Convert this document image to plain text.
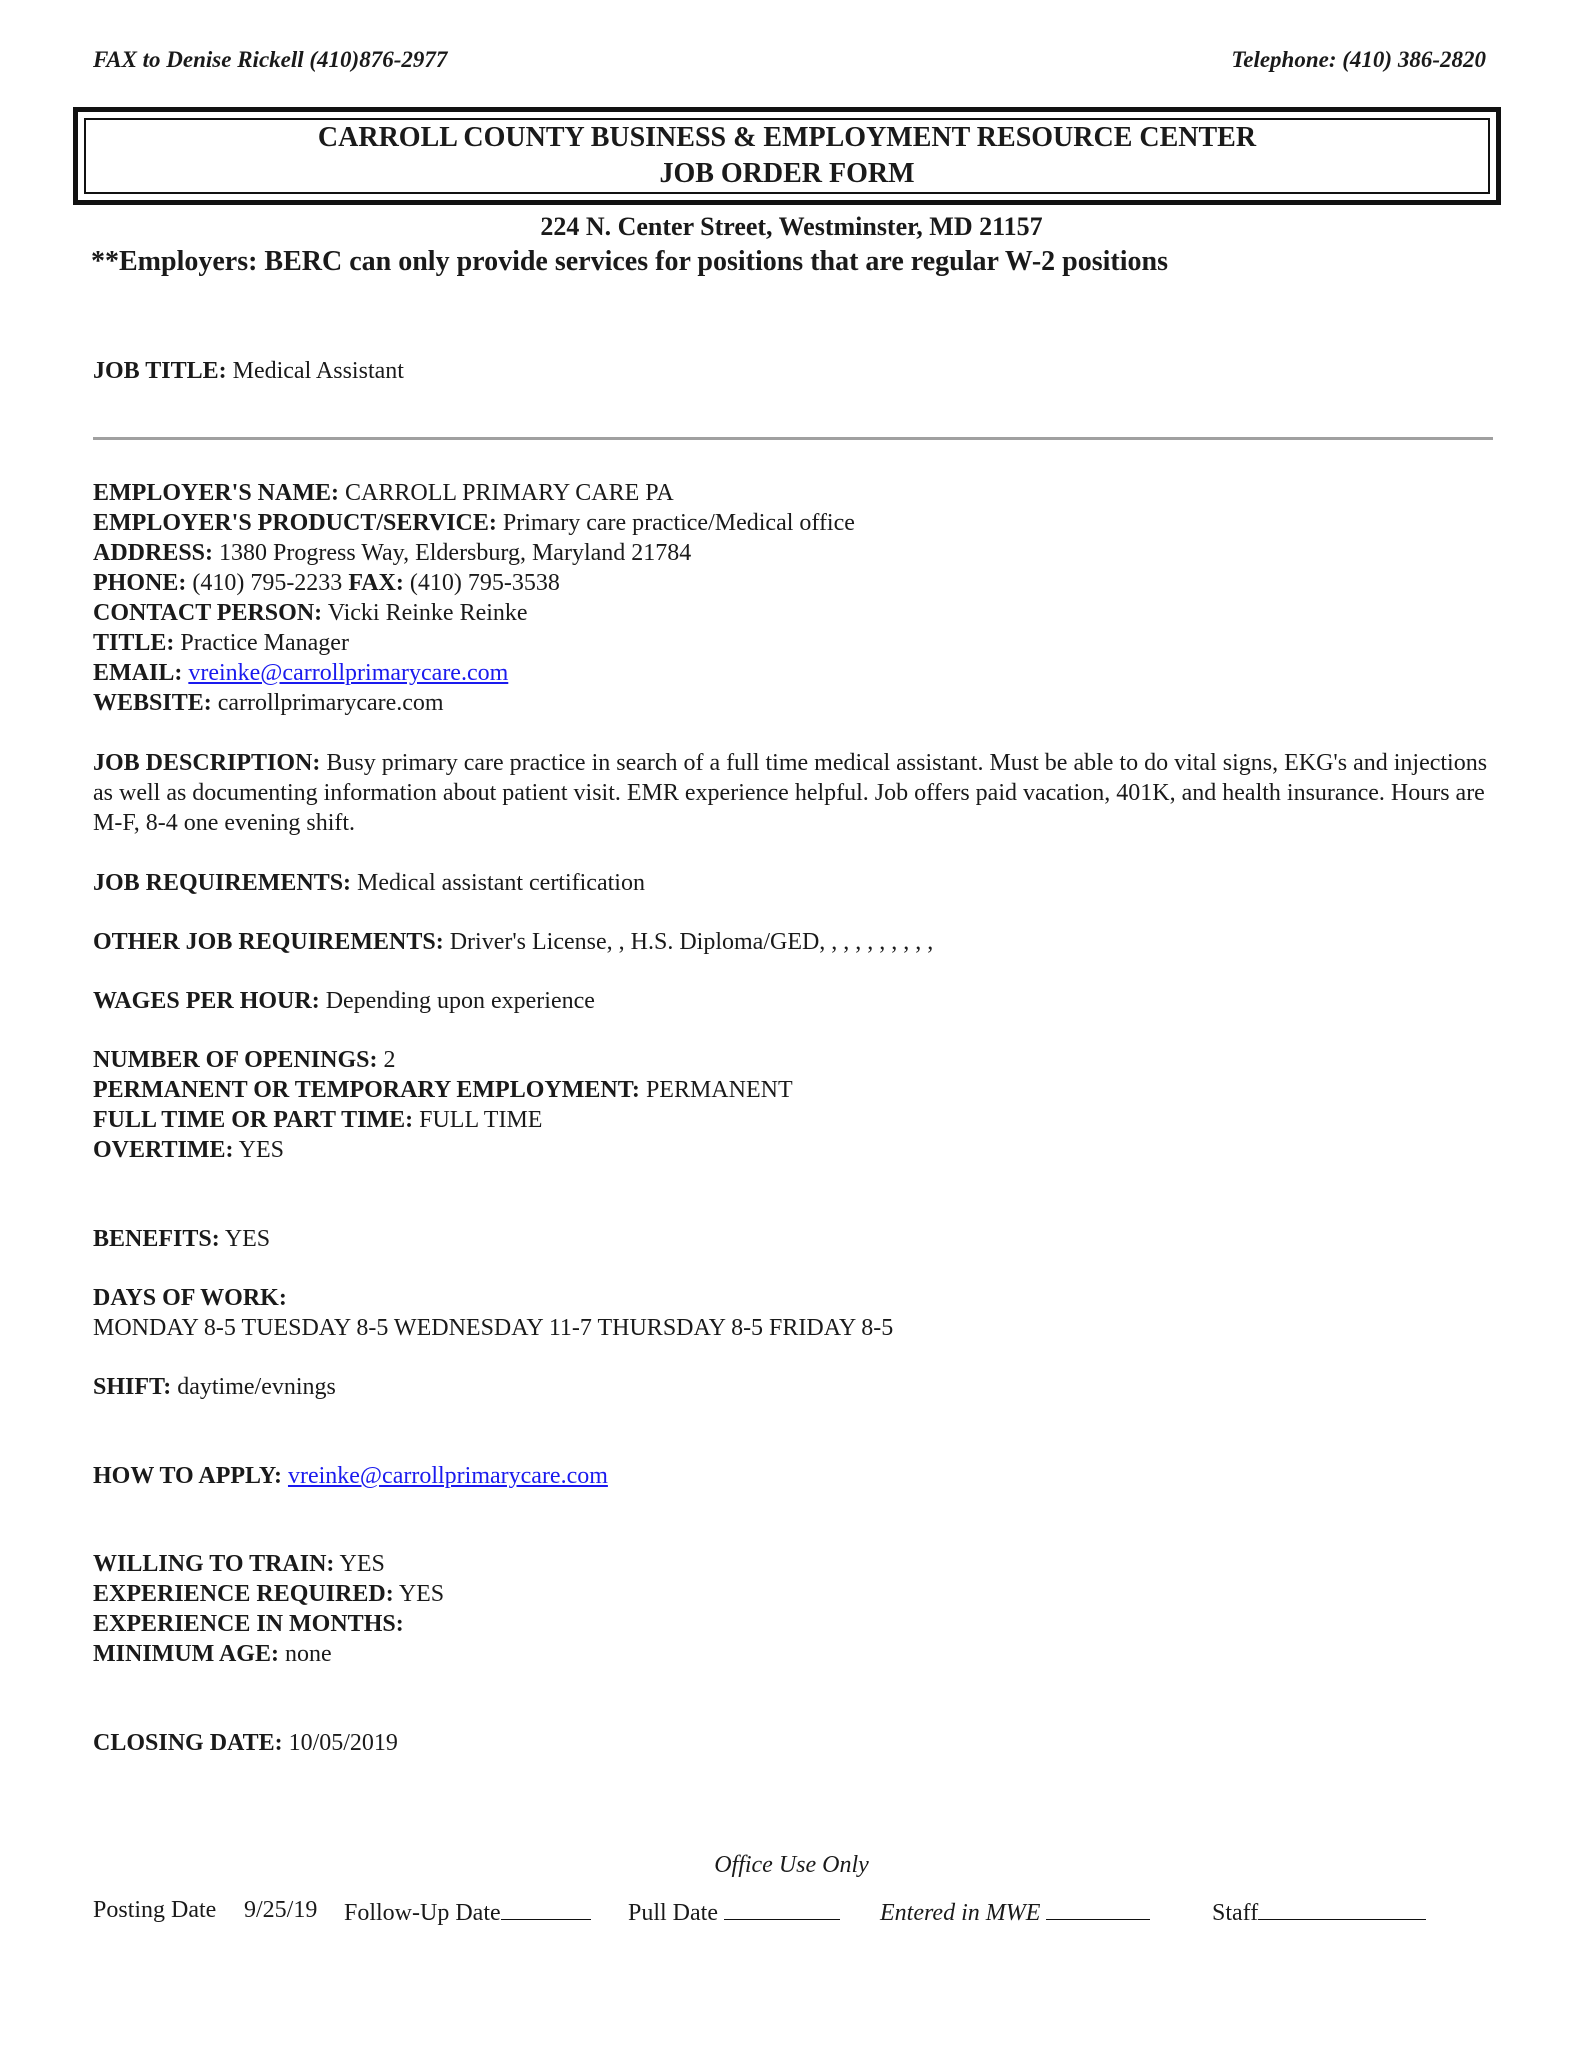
FAX to Denise Rickell (410)876-2977	Telephone: (410) 386-2820
CARROLL COUNTY BUSINESS & EMPLOYMENT RESOURCE CENTER
JOB ORDER FORM
224 N. Center Street, Westminster, MD 21157
**Employers: BERC can only provide services for positions that are regular W-2 positions
JOB TITLE: Medical Assistant
EMPLOYER'S NAME: CARROLL PRIMARY CARE PA
EMPLOYER'S PRODUCT/SERVICE: Primary care practice/Medical office
ADDRESS: 1380 Progress Way, Eldersburg, Maryland 21784
PHONE: (410) 795-2233 FAX: (410) 795-3538
CONTACT PERSON: Vicki Reinke Reinke
TITLE: Practice Manager
EMAIL: vreinke@carrollprimarycare.com
WEBSITE: carrollprimarycare.com
JOB DESCRIPTION: Busy primary care practice in search of a full time medical assistant. Must be able to do vital signs, EKG's and injections as well as documenting information about patient visit. EMR experience helpful. Job offers paid vacation, 401K, and health insurance. Hours are M-F, 8-4 one evening shift.
JOB REQUIREMENTS: Medical assistant certification
OTHER JOB REQUIREMENTS: Driver's License, , H.S. Diploma/GED, , , , , , , , , ,
WAGES PER HOUR: Depending upon experience
NUMBER OF OPENINGS: 2
PERMANENT OR TEMPORARY EMPLOYMENT: PERMANENT
FULL TIME OR PART TIME: FULL TIME
OVERTIME: YES
BENEFITS: YES
DAYS OF WORK:
MONDAY 8-5 TUESDAY 8-5 WEDNESDAY 11-7 THURSDAY 8-5 FRIDAY 8-5
SHIFT: daytime/evnings
HOW TO APPLY: vreinke@carrollprimarycare.com
WILLING TO TRAIN: YES
EXPERIENCE REQUIRED: YES
EXPERIENCE IN MONTHS:
MINIMUM AGE: none
CLOSING DATE: 10/05/2019
Office Use Only
Posting Date 9/25/19 Follow-Up Date	Pull Date	Entered in MWE	Staff
